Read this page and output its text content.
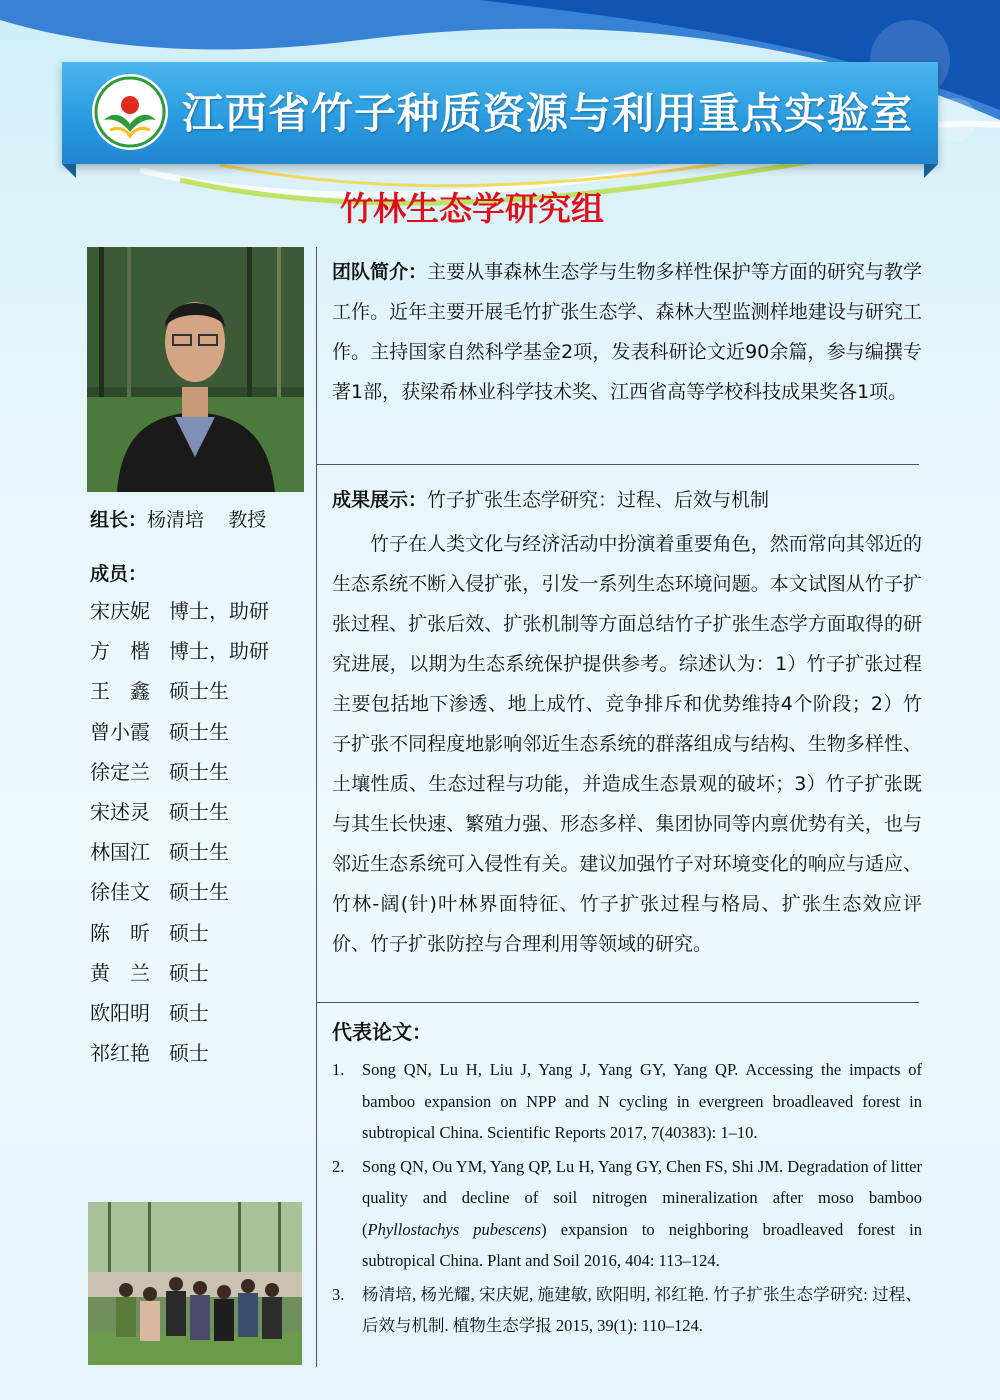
江西省竹子种质资源与利用重点实验室
竹林生态学研究组
组长：杨清培 教授
成员：
宋庆妮 博士，助研
方　楷 博士，助研
王　鑫 硕士生
曾小霞 硕士生
徐定兰 硕士生
宋述灵 硕士生
林国江 硕士生
徐佳文 硕士生
陈　昕 硕士
黄　兰 硕士
欧阳明 硕士
祁红艳 硕士
团队简介：主要从事森林生态学与生物多样性保护等方面的研究与教学工作。近年主要开展毛竹扩张生态学、森林大型监测样地建设与研究工作。主持国家自然科学基金2项，发表科研论文近90余篇，参与编撰专著1部，获梁希林业科学技术奖、江西省高等学校科技成果奖各1项。
成果展示：竹子扩张生态学研究：过程、后效与机制
竹子在人类文化与经济活动中扮演着重要角色，然而常向其邻近的生态系统不断入侵扩张，引发一系列生态环境问题。本文试图从竹子扩张过程、扩张后效、扩张机制等方面总结竹子扩张生态学方面取得的研究进展，以期为生态系统保护提供参考。综述认为：1）竹子扩张过程主要包括地下渗透、地上成竹、竞争排斥和优势维持4个阶段；2）竹子扩张不同程度地影响邻近生态系统的群落组成与结构、生物多样性、土壤性质、生态过程与功能，并造成生态景观的破坏；3）竹子扩张既与其生长快速、繁殖力强、形态多样、集团协同等内禀优势有关，也与邻近生态系统可入侵性有关。建议加强竹子对环境变化的响应与适应、竹林-阔(针)叶林界面特征、竹子扩张过程与格局、扩张生态效应评价、竹子扩张防控与合理利用等领域的研究。
代表论文：
1.	Song QN, Lu H, Liu J, Yang J, Yang GY, Yang QP. Accessing the impacts of bamboo expansion on NPP and N cycling in evergreen broadleaved forest in subtropical China. Scientific Reports 2017, 7(40383): 1–10.
2.	Song QN, Ou YM, Yang QP, Lu H, Yang GY, Chen FS, Shi JM. Degradation of litter quality and decline of soil nitrogen mineralization after moso bamboo (Phyllostachys pubescens) expansion to neighboring broadleaved forest in subtropical China. Plant and Soil 2016, 404: 113–124.
3.	杨清培, 杨光耀, 宋庆妮, 施建敏, 欧阳明, 祁红艳. 竹子扩张生态学研究: 过程、后效与机制. 植物生态学报 2015, 39(1): 110–124.
